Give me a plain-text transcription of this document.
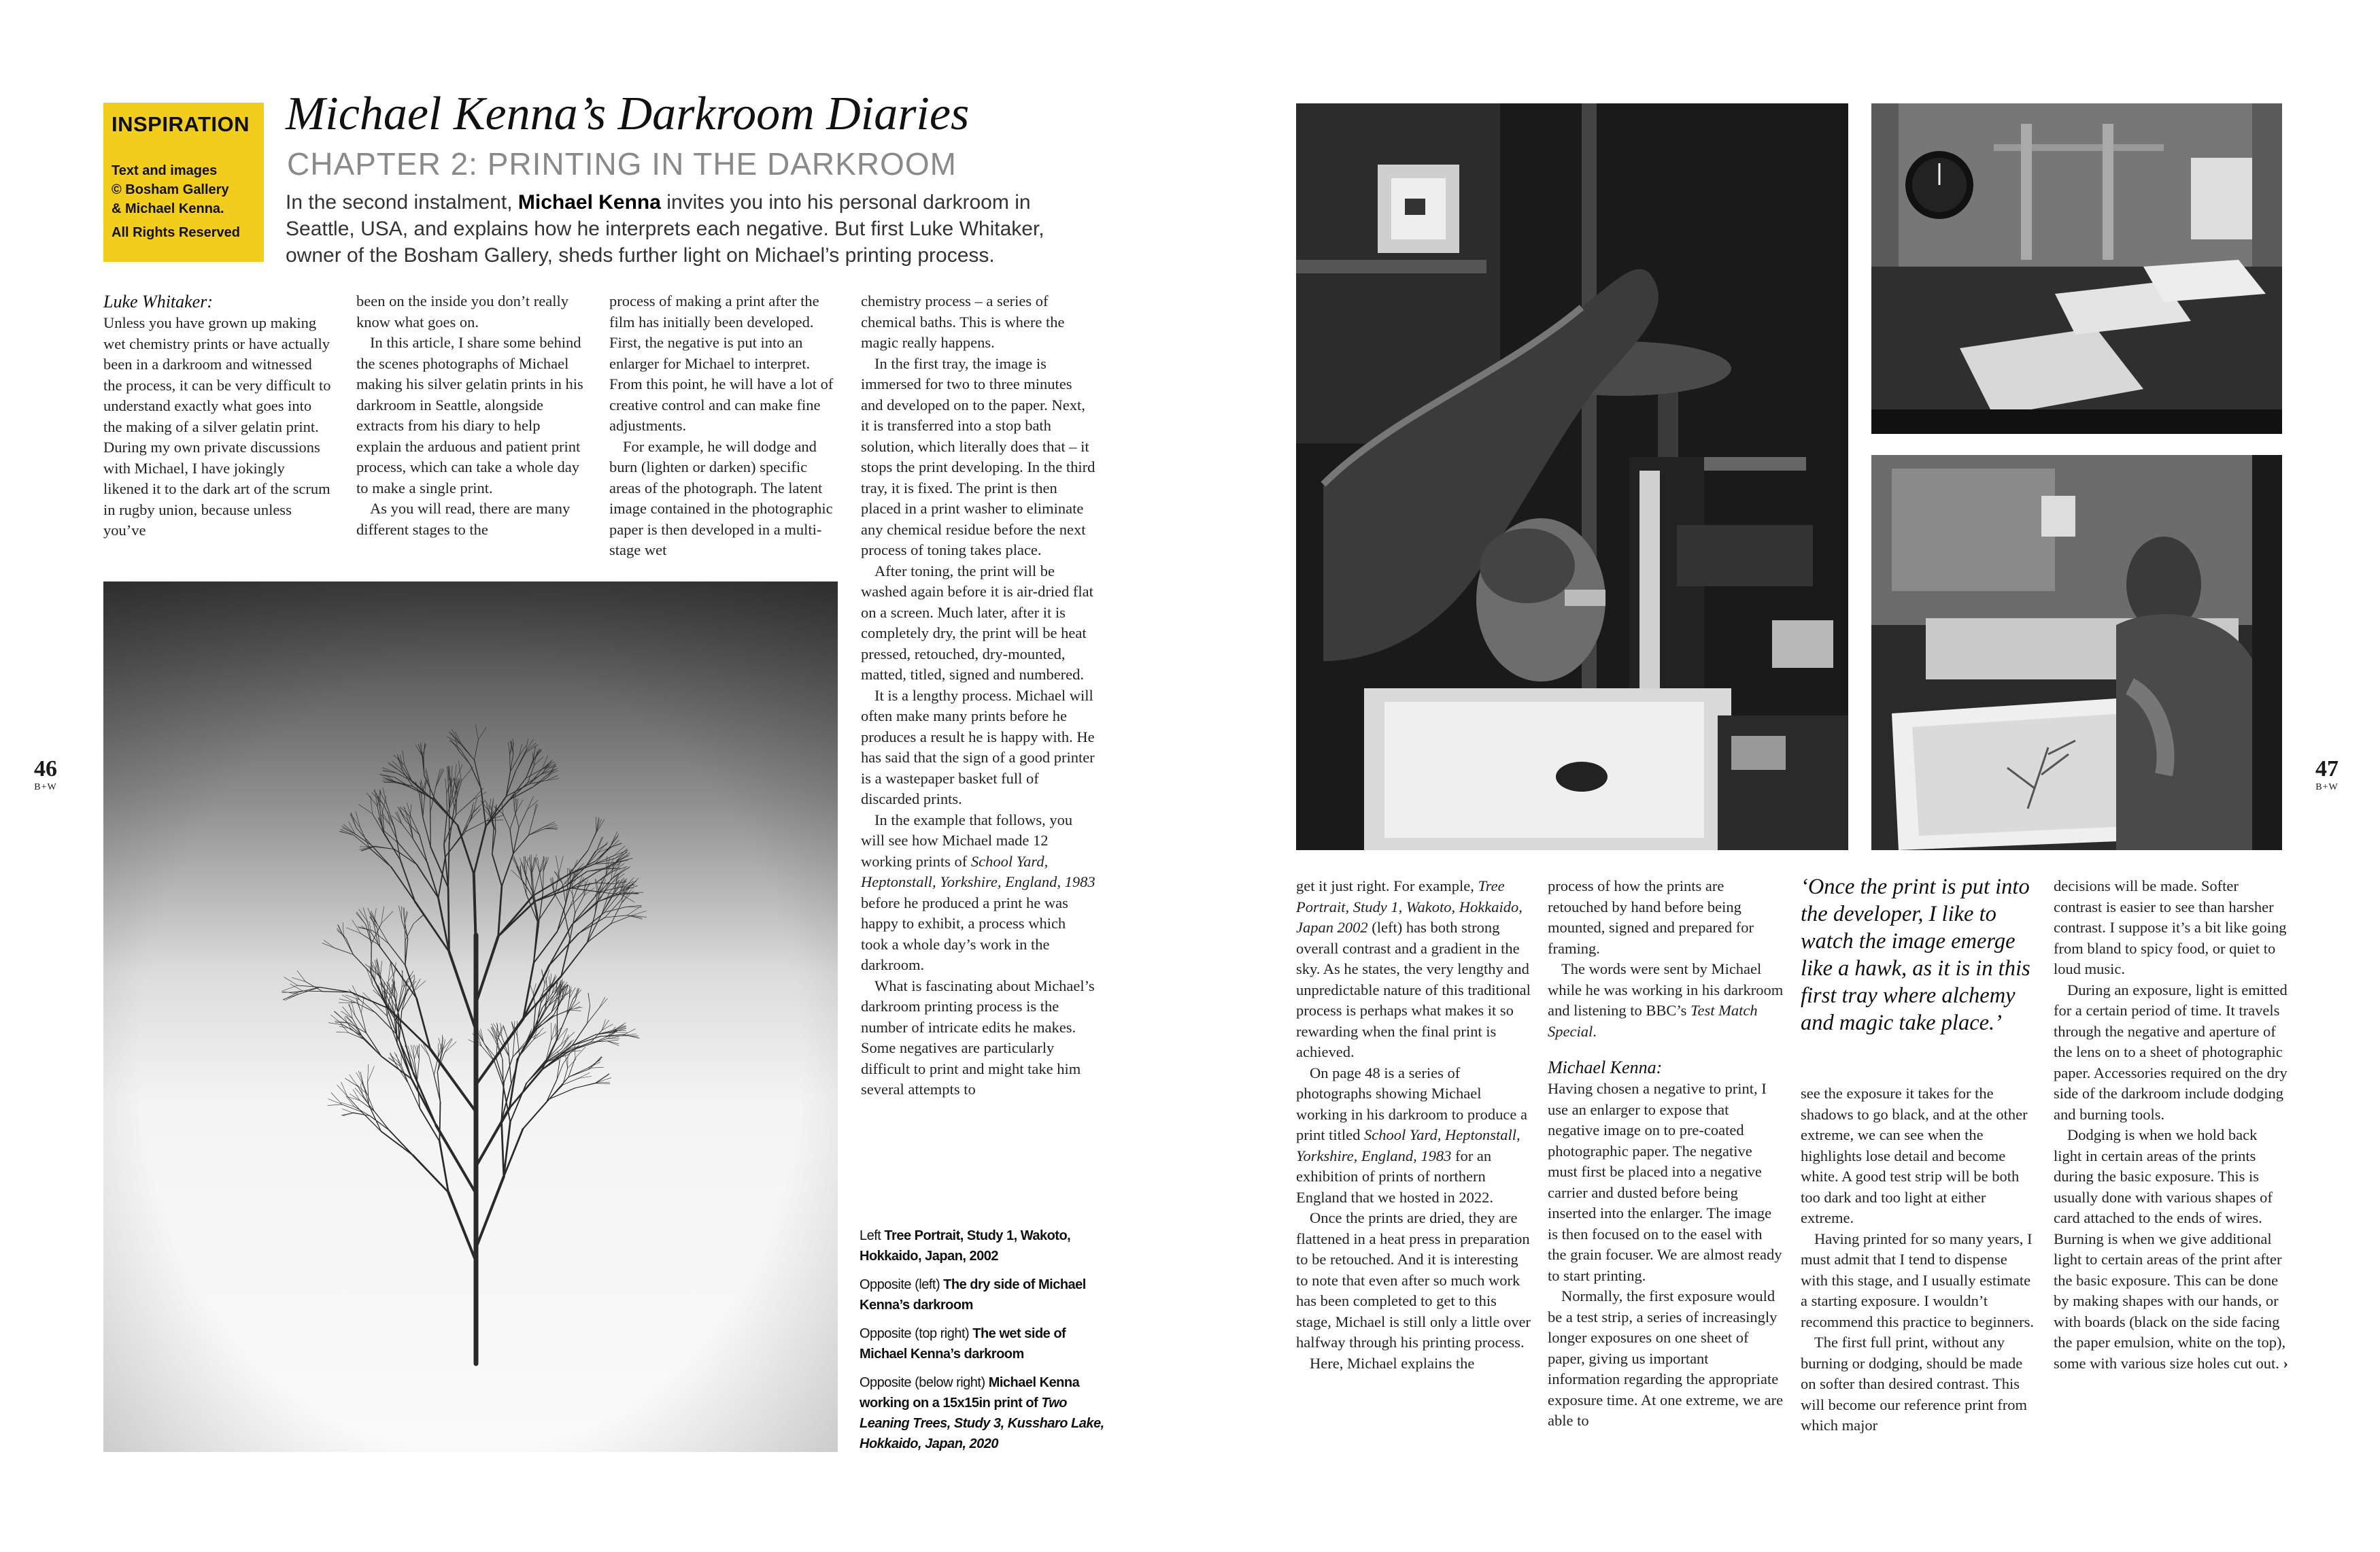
INSPIRATION
Text and images
© Bosham Gallery
& Michael Kenna.
All Rights Reserved
Michael Kenna’s Darkroom Diaries
CHAPTER 2: PRINTING IN THE DARKROOM
In the second instalment, Michael Kenna invites you into his personal darkroom in Seattle, USA, and explains how he interprets each negative. But first Luke Whitaker, owner of the Bosham Gallery, sheds further light on Michael’s printing process.

Luke Whitaker:

Unless you have grown up making wet chemistry prints or have actually been in a darkroom and witnessed the process, it can be very difficult to understand exactly what goes into the making of a silver gelatin print. During my own private discussions with Michael, I have jokingly likened it to the dark art of the scrum in rugby union, because unless you’ve

been on the inside you don’t really know what goes on.

In this article, I share some behind the scenes photographs of Michael making his silver gelatin prints in his darkroom in Seattle, alongside extracts from his diary to help explain the arduous and patient print process, which can take a whole day to make a single print.

As you will read, there are many different stages to the

process of making a print after the film has initially been developed. First, the negative is put into an enlarger for Michael to interpret. From this point, he will have a lot of creative control and can make fine adjustments.

For example, he will dodge and burn (lighten or darken) specific areas of the photograph. The latent image contained in the photographic paper is then developed in a multi-stage wet

chemistry process – a series of chemical baths. This is where the magic really happens.

In the first tray, the image is immersed for two to three minutes and developed on to the paper. Next, it is transferred into a stop bath solution, which literally does that – it stops the print developing. In the third tray, it is fixed. The print is then placed in a print washer to eliminate any chemical residue before the next process of toning takes place.

After toning, the print will be washed again before it is air-dried flat on a screen. Much later, after it is completely dry, the print will be heat pressed, retouched, dry-mounted, matted, titled, signed and numbered.

It is a lengthy process. Michael will often make many prints before he produces a result he is happy with. He has said that the sign of a good printer is a wastepaper basket full of discarded prints.

In the example that follows, you will see how Michael made 12 working prints of School Yard, Heptonstall, Yorkshire, England, 1983 before he produced a print he was happy to exhibit, a process which took a whole day’s work in the darkroom.

What is fascinating about Michael’s darkroom printing process is the number of intricate edits he makes. Some negatives are particularly difficult to print and might take him several attempts to

Left Tree Portrait, Study 1, Wakoto, Hokkaido, Japan, 2002

Opposite (left) The dry side of Michael Kenna’s darkroom

Opposite (top right) The wet side of Michael Kenna’s darkroom

Opposite (below right) Michael Kenna working on a 15x15in print of Two Leaning Trees, Study 3, Kussharo Lake, Hokkaido, Japan, 2020

46
B+W
47
B+W

get it just right. For example, Tree Portrait, Study 1, Wakoto, Hokkaido, Japan 2002 (left) has both strong overall contrast and a gradient in the sky. As he states, the very lengthy and unpredictable nature of this traditional process is perhaps what makes it so rewarding when the final print is achieved.

On page 48 is a series of photographs showing Michael working in his darkroom to produce a print titled School Yard, Heptonstall, Yorkshire, England, 1983 for an exhibition of prints of northern England that we hosted in 2022.

Once the prints are dried, they are flattened in a heat press in preparation to be retouched. And it is interesting to note that even after so much work has been completed to get to this stage, Michael is still only a little over halfway through his printing process.

Here, Michael explains the

process of how the prints are retouched by hand before being mounted, signed and prepared for framing.

The words were sent by Michael while he was working in his darkroom and listening to BBC’s Test Match Special.

Michael Kenna:

Having chosen a negative to print, I use an enlarger to expose that negative image on to pre-coated photographic paper. The negative must first be placed into a negative carrier and dusted before being inserted into the enlarger. The image is then focused on to the easel with the grain focuser. We are almost ready to start printing.

Normally, the first exposure would be a test strip, a series of increasingly longer exposures on one sheet of paper, giving us important information regarding the appropriate exposure time. At one extreme, we are able to

‘Once the print is put into the developer, I like to watch the image emerge like a hawk, as it is in this first tray where alchemy and magic take place.’

see the exposure it takes for the shadows to go black, and at the other extreme, we can see when the highlights lose detail and become white. A good test strip will be both too dark and too light at either extreme.

Having printed for so many years, I must admit that I tend to dispense with this stage, and I usually estimate a starting exposure. I wouldn’t recommend this practice to beginners.

The first full print, without any burning or dodging, should be made on softer than desired contrast. This will become our reference print from which major

decisions will be made. Softer contrast is easier to see than harsher contrast. I suppose it’s a bit like going from bland to spicy food, or quiet to loud music.

During an exposure, light is emitted for a certain period of time. It travels through the negative and aperture of the lens on to a sheet of photographic paper. Accessories required on the dry side of the darkroom include dodging and burning tools.

Dodging is when we hold back light in certain areas of the prints during the basic exposure. This is usually done with various shapes of card attached to the ends of wires. Burning is when we give additional light to certain areas of the print after the basic exposure. This can be done by making shapes with our hands, or with boards (black on the side facing the paper emulsion, white on the top), some with various size holes cut out. ›
